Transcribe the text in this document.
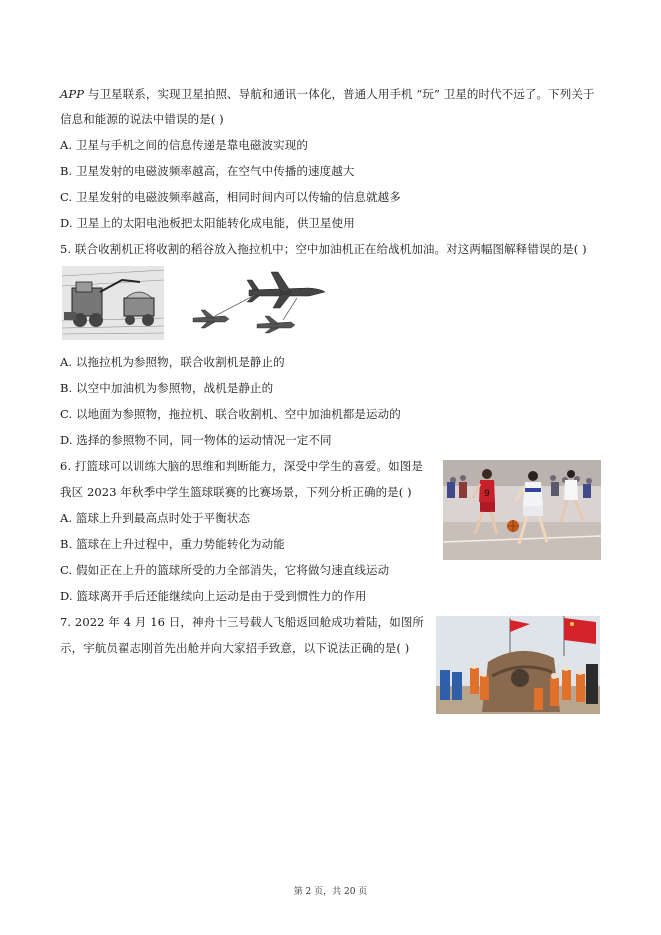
APP 与卫星联系，实现卫星拍照、导航和通讯一体化，普通人用手机 “玩” 卫星的时代不远了。下列关于
信息和能源的说法中错误的是( )
A. 卫星与手机之间的信息传递是靠电磁波实现的
B. 卫星发射的电磁波频率越高，在空气中传播的速度越大
C. 卫星发射的电磁波频率越高，相同时间内可以传输的信息就越多
D. 卫星上的太阳电池板把太阳能转化成电能，供卫星使用
5. 联合收割机正将收割的稻谷放入拖拉机中；空中加油机正在给战机加油。对这两幅图解释错误的是( )
A. 以拖拉机为参照物，联合收割机是静止的
B. 以空中加油机为参照物，战机是静止的
C. 以地面为参照物，拖拉机、联合收割机、空中加油机都是运动的
D. 选择的参照物不同，同一物体的运动情况一定不同
6. 打篮球可以训练大脑的思维和判断能力，深受中学生的喜爱。如图是
我区 2023 年秋季中学生篮球联赛的比赛场景，下列分析正确的是( )
A. 篮球上升到最高点时处于平衡状态
B. 篮球在上升过程中，重力势能转化为动能
C. 假如正在上升的篮球所受的力全部消失，它将做匀速直线运动
D. 篮球离开手后还能继续向上运动是由于受到惯性力的作用
9
7. 2022 年 4 月 16 日，神舟十三号载人飞船返回舱成功着陆，如图所
示，宇航员翟志刚首先出舱并向大家招手致意，以下说法正确的是( )
第 2 页，共 20 页
